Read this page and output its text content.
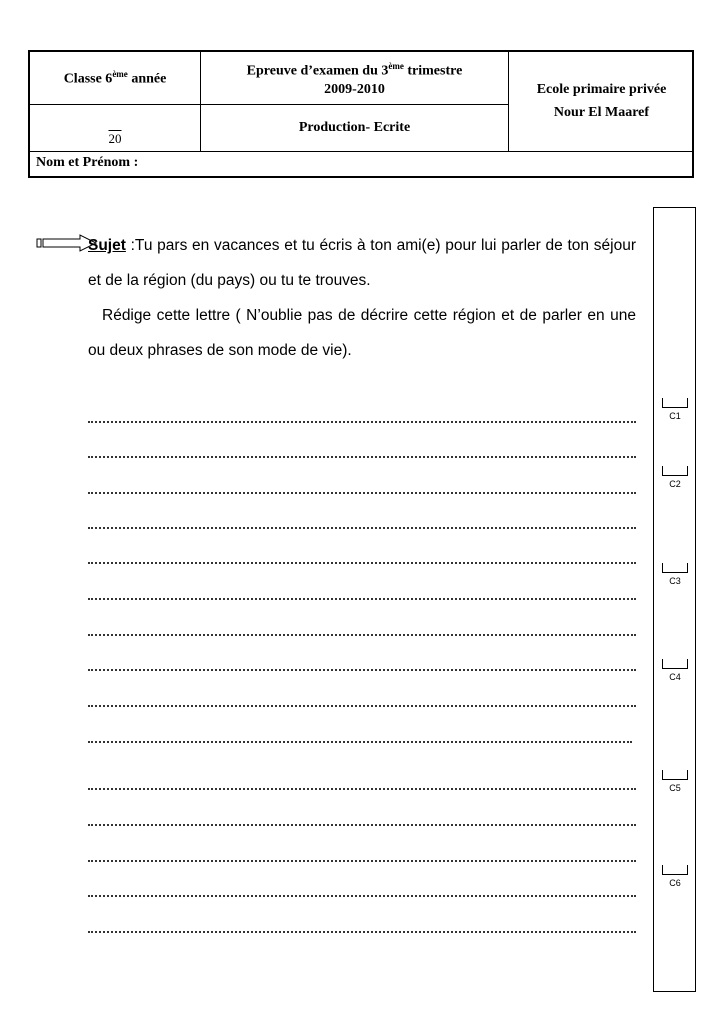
Classe 6ème année	Epreuve d’examen du 3ème trimestre
2009-2010	Ecole primaire privée
Nour El Maaref
20
Production- Ecrite
Nom et Prénom :
C1
C2
C3
C4
C5
C6

Sujet :Tu pars en vacances et tu écris à ton ami(e) pour lui parler de ton séjour et de la région (du pays) ou tu te trouves.

Rédige cette lettre ( N’oublie pas de décrire cette région et de parler en une ou deux phrases de son mode de vie).
